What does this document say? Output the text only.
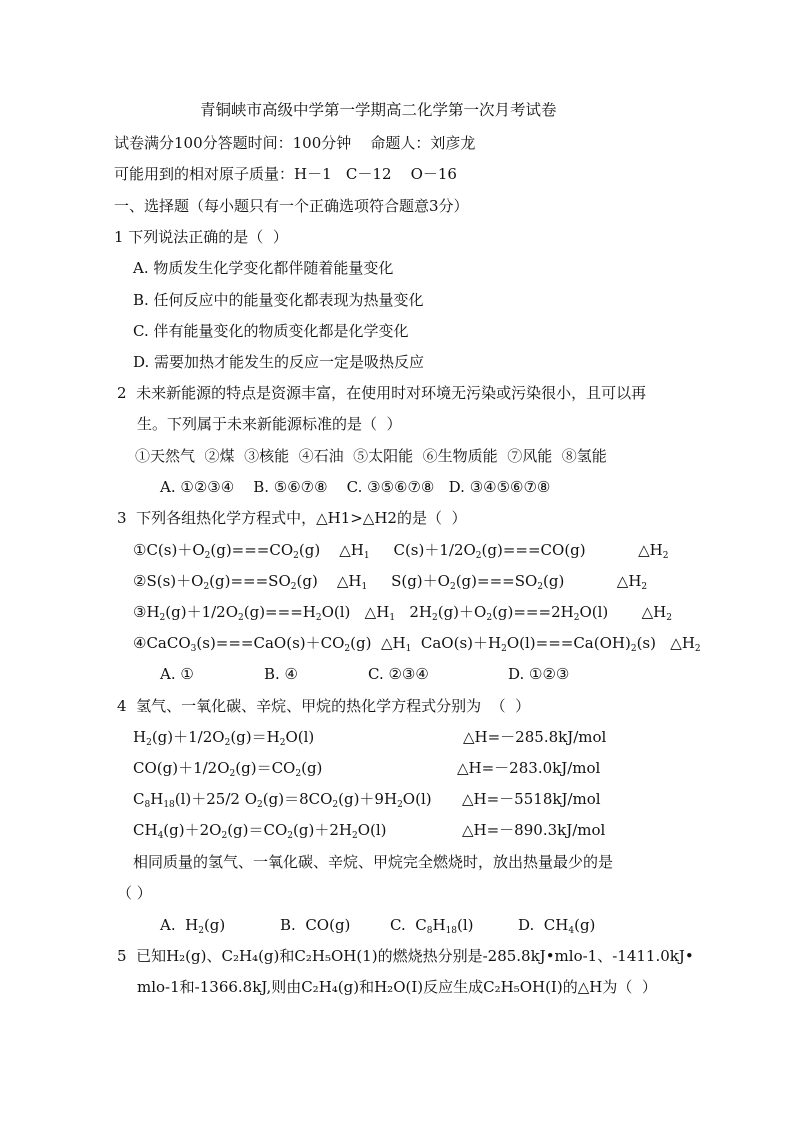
青铜峡市高级中学第一学期高二化学第一次月考试卷
试卷满分100分答题时间：100分钟    命题人：刘彦龙
可能用到的相对原子质量：H－1   C－12    O－16
一、选择题（每小题只有一个正确选项符合题意3分）
1 下列说法正确的是（  ）
A. 物质发生化学变化都伴随着能量变化
B. 任何反应中的能量变化都表现为热量变化
C. 伴有能量变化的物质变化都是化学变化
D. 需要加热才能发生的反应一定是吸热反应
2  未来新能源的特点是资源丰富，在使用时对环境无污染或污染很小，且可以再
生。下列属于未来新能源标准的是（  ）
①天然气  ②煤  ③核能  ④石油  ⑤太阳能  ⑥生物质能  ⑦风能  ⑧氢能
A. ①②③④    B. ⑤⑥⑦⑧    C. ③⑤⑥⑦⑧   D. ③④⑤⑥⑦⑧
3  下列各组热化学方程式中，△H1>△H2的是（  ）
$①C(s)+O_2(g)===CO_2(g)$    $\triangle H_1$     $C(s)+1/2O_2(g)===CO(g)$           $\triangle H_2$
$②S(s)+O_2(g)===SO_2(g)$    $\triangle H_1$     $S(g)+O_2(g)===SO_2(g)$           $\triangle H_2$
$③H_2(g)+1/2O_2(g)===H_2O(l)$   $\triangle H_1$   $2H_2(g)+O_2(g)===2H_2O(l)$       $\triangle H_2$
$④CaCO_3(s)===CaO(s)+CO_2(g)$  $\triangle H_1$  $CaO(s)+H_2O(l)===Ca(OH)_2(s)$   $\triangle H_2$
A. ①	B. ④	C. ②③④	D. ①②③
4  氢气、一氧化碳、辛烷、甲烷的热化学方程式分别为  （  ）
$H_2(g)+1/2O_2(g)=H_2O(l)$	△H=－285.8kJ/mol
$CO(g)+1/2O_2(g)=CO_2(g)$	△H=－283.0kJ/mol
$C_8H_{18}(l)+25/2$ $O_2(g)=8CO_2(g)+9H_2O(l)$ △H=－5518kJ/mol
$CH_4(g)+2O_2(g)=CO_2(g)+2H_2O(l)$	△H=－890.3kJ/mol
相同质量的氢气、一氧化碳、辛烷、甲烷完全燃烧时，放出热量最少的是
（ ）
A.  $H_2(g)$	B.  CO(g)	C.  $C_8H_{18}(l)$	D.  $CH_4(g)$
5  已知H₂(g)、C₂H₄(g)和C₂H₅OH(1)的燃烧热分别是-285.8kJ•mlo-1、-1411.0kJ•
mlo-1和-1366.8kJ,则由C₂H₄(g)和H₂O(I)反应生成C₂H₅OH(I)的△H为（  ）
